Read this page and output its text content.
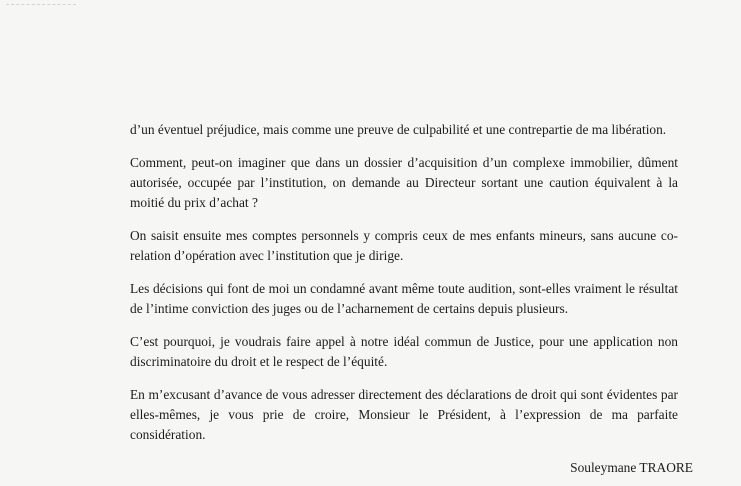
d’un éventuel préjudice, mais comme une preuve de culpabilité et une contrepartie de ma libération.

Comment, peut-on imaginer que dans un dossier d’acquisition d’un complexe immobilier, dûment autorisée, occupée par l’institution, on demande au Directeur sortant une caution équivalent à la moitié du prix d’achat ?

On saisit ensuite mes comptes personnels y compris ceux de mes enfants mineurs, sans aucune co-relation d’opération avec l’institution que je dirige.

Les décisions qui font de moi un condamné avant même toute audition, sont-elles vraiment le résultat de l’intime conviction des juges ou de l’acharnement de certains depuis plusieurs.

C’est pourquoi, je voudrais faire appel à notre idéal commun de Justice, pour une application non discriminatoire du droit et le respect de l’équité.

En m’excusant d’avance de vous adresser directement des déclarations de droit qui sont évidentes par elles-mêmes, je vous prie de croire, Monsieur le Président, à l’expression de ma parfaite considération.

Souleymane TRAORE
